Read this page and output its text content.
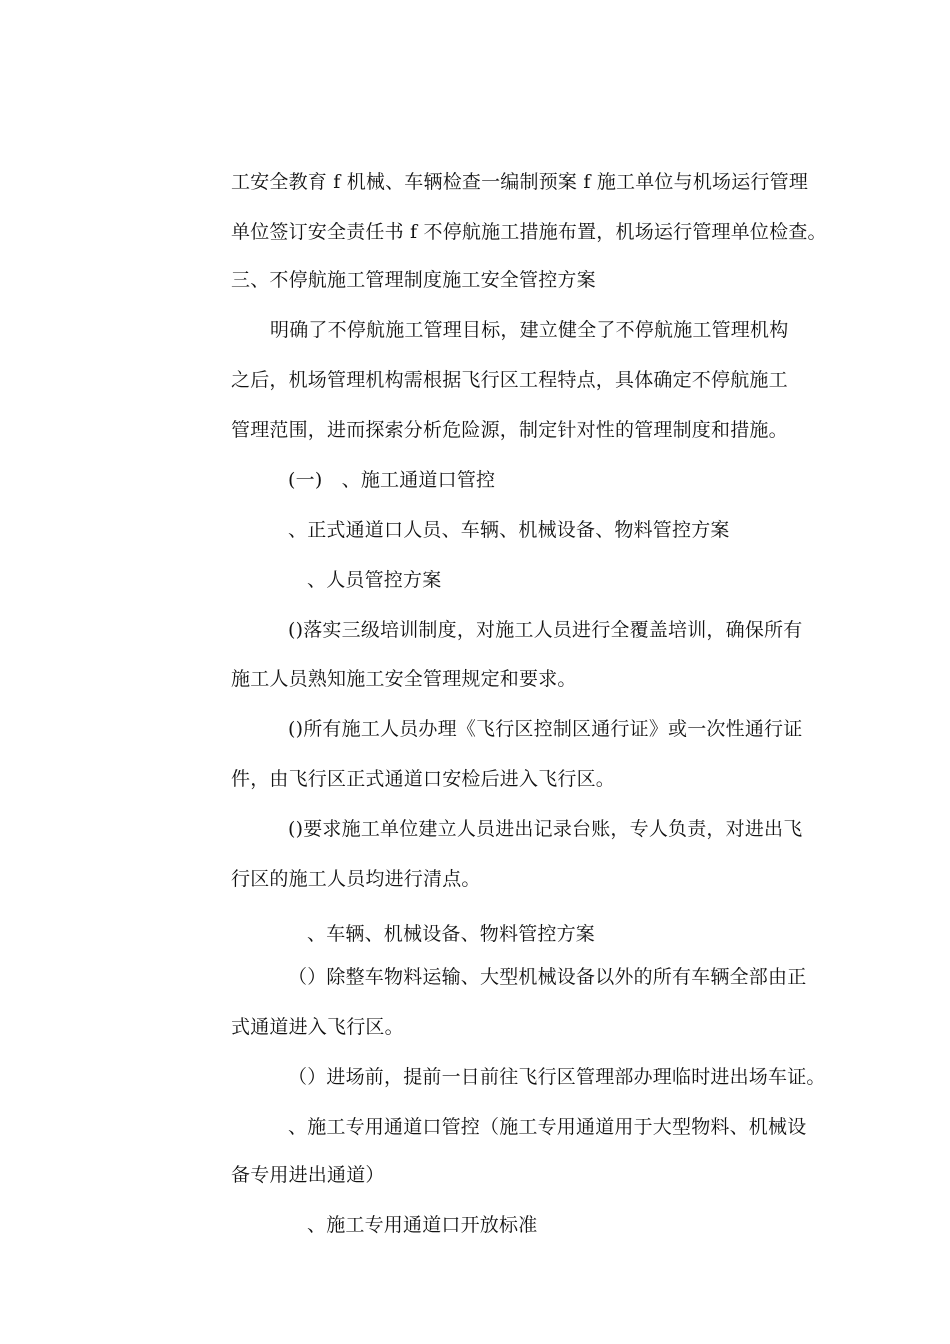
工安全教育 f 机械、车辆检查一编制预案 f 施工单位与机场运行管理
单位签订安全责任书 f 不停航施工措施布置，机场运行管理单位检查。
三、不停航施工管理制度施工安全管控方案
明确了不停航施工管理目标，建立健全了不停航施工管理机构
之后，机场管理机构需根据飞行区工程特点，具体确定不停航施工
管理范围，进而探索分析危险源，制定针对性的管理制度和措施。
(一)　、施工通道口管控
、正式通道口人员、车辆、机械设备、物料管控方案
、人员管控方案
()落实三级培训制度，对施工人员进行全覆盖培训，确保所有
施工人员熟知施工安全管理规定和要求。
()所有施工人员办理《飞行区控制区通行证》或一次性通行证
件，由飞行区正式通道口安检后进入飞行区。
()要求施工单位建立人员进出记录台账，专人负责，对进出飞
行区的施工人员均进行清点。
、车辆、机械设备、物料管控方案
（）除整车物料运输、大型机械设备以外的所有车辆全部由正
式通道进入飞行区。
（）进场前，提前一日前往飞行区管理部办理临时进出场车证。
、施工专用通道口管控（施工专用通道用于大型物料、机械设
备专用进出通道）
、施工专用通道口开放标准
